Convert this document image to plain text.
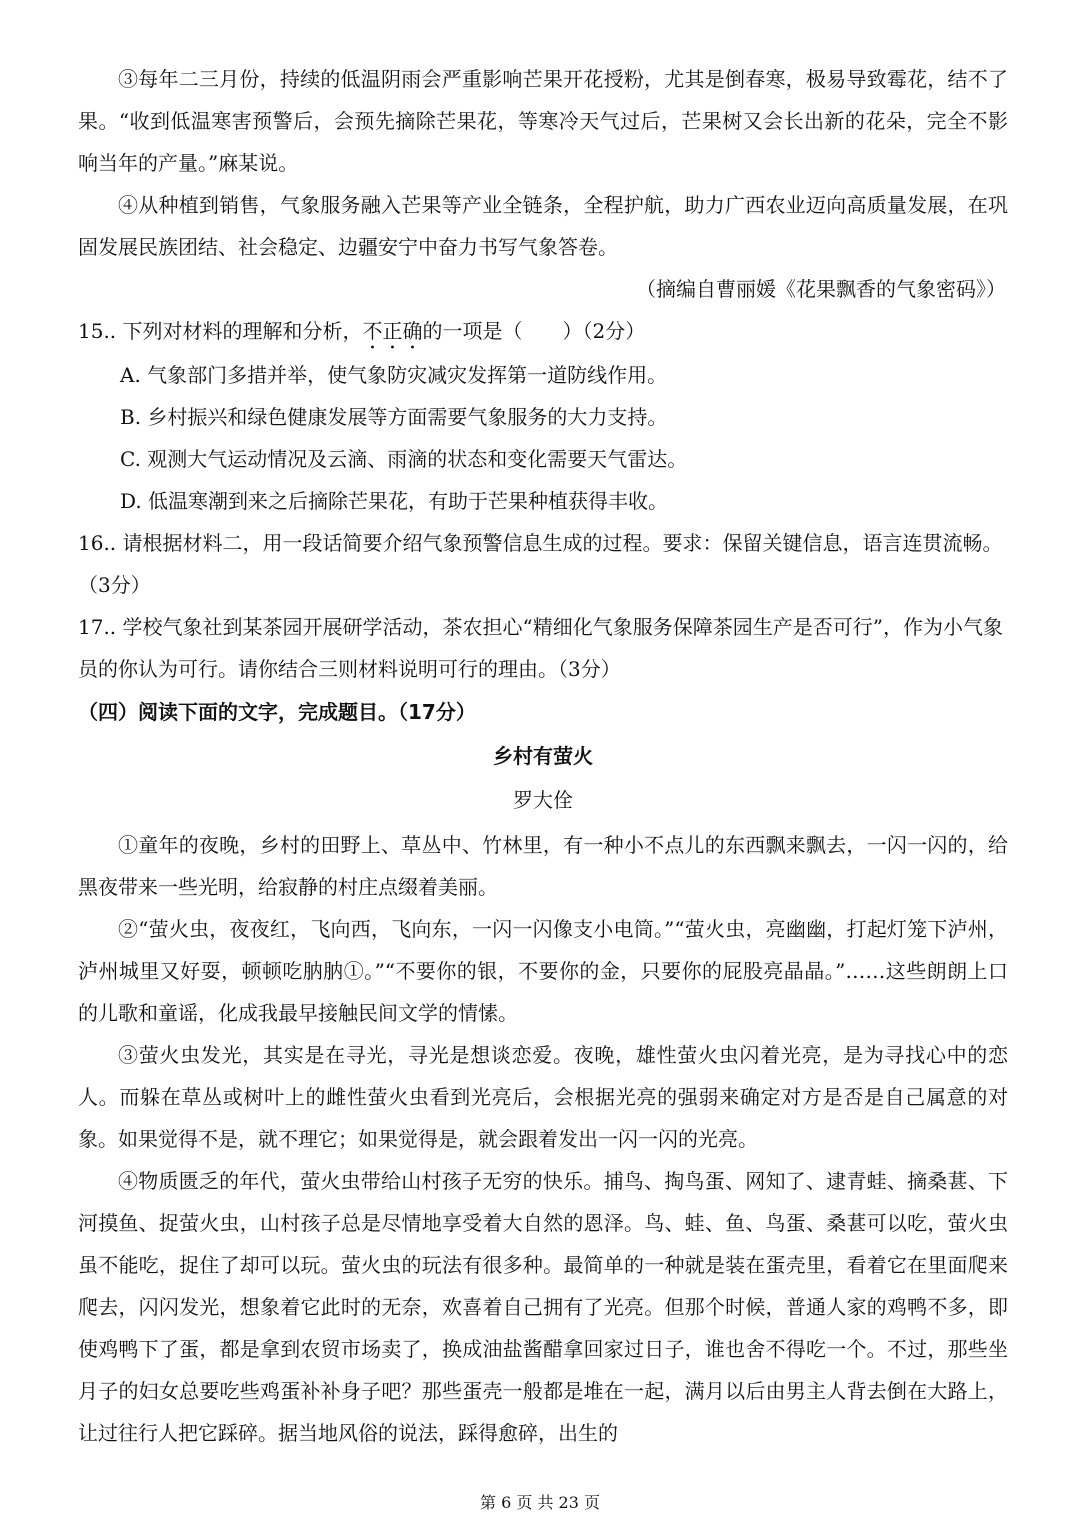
③每年二三月份，持续的低温阴雨会严重影响芒果开花授粉，尤其是倒春寒，极易导致霉花，结不了果。“收到低温寒害预警后，会预先摘除芒果花，等寒冷天气过后，芒果树又会长出新的花朵，完全不影响当年的产量。”麻某说。

④从种植到销售，气象服务融入芒果等产业全链条，全程护航，助力广西农业迈向高质量发展，在巩固发展民族团结、社会稳定、边疆安宁中奋力书写气象答卷。

（摘编自曹丽媛《花果飘香的气象密码》）

15.. 下列对材料的理解和分析，不正确的一项是（　　）（2分）

A. 气象部门多措并举，使气象防灾减灾发挥第一道防线作用。

B. 乡村振兴和绿色健康发展等方面需要气象服务的大力支持。

C. 观测大气运动情况及云滴、雨滴的状态和变化需要天气雷达。

D. 低温寒潮到来之后摘除芒果花，有助于芒果种植获得丰收。

16.. 请根据材料二，用一段话简要介绍气象预警信息生成的过程。要求：保留关键信息，语言连贯流畅。（3分）

17.. 学校气象社到某茶园开展研学活动，茶农担心“精细化气象服务保障茶园生产是否可行”，作为小气象员的你认为可行。请你结合三则材料说明可行的理由。（3分）

（四）阅读下面的文字，完成题目。（17分）

乡村有萤火

罗大佺

①童年的夜晚，乡村的田野上、草丛中、竹林里，有一种小不点儿的东西飘来飘去，一闪一闪的，给黑夜带来一些光明，给寂静的村庄点缀着美丽。

②“萤火虫，夜夜红，飞向西，飞向东，一闪一闪像支小电筒。”“萤火虫，亮幽幽，打起灯笼下泸州，泸州城里又好耍，顿顿吃肭肭①。”“不要你的银，不要你的金，只要你的屁股亮晶晶。”……这些朗朗上口的儿歌和童谣，化成我最早接触民间文学的情愫。

③萤火虫发光，其实是在寻光，寻光是想谈恋爱。夜晚，雄性萤火虫闪着光亮，是为寻找心中的恋人。而躲在草丛或树叶上的雌性萤火虫看到光亮后，会根据光亮的强弱来确定对方是否是自己属意的对象。如果觉得不是，就不理它；如果觉得是，就会跟着发出一闪一闪的光亮。

④物质匮乏的年代，萤火虫带给山村孩子无穷的快乐。捕鸟、掏鸟蛋、网知了、逮青蛙、摘桑葚、下河摸鱼、捉萤火虫，山村孩子总是尽情地享受着大自然的恩泽。鸟、蛙、鱼、鸟蛋、桑葚可以吃，萤火虫虽不能吃，捉住了却可以玩。萤火虫的玩法有很多种。最简单的一种就是装在蛋壳里，看着它在里面爬来爬去，闪闪发光，想象着它此时的无奈，欢喜着自己拥有了光亮。但那个时候，普通人家的鸡鸭不多，即使鸡鸭下了蛋，都是拿到农贸市场卖了，换成油盐酱醋拿回家过日子，谁也舍不得吃一个。不过，那些坐月子的妇女总要吃些鸡蛋补补身子吧？那些蛋壳一般都是堆在一起，满月以后由男主人背去倒在大路上，让过往行人把它踩碎。据当地风俗的说法，踩得愈碎，出生的

第 6 页 共 23 页
